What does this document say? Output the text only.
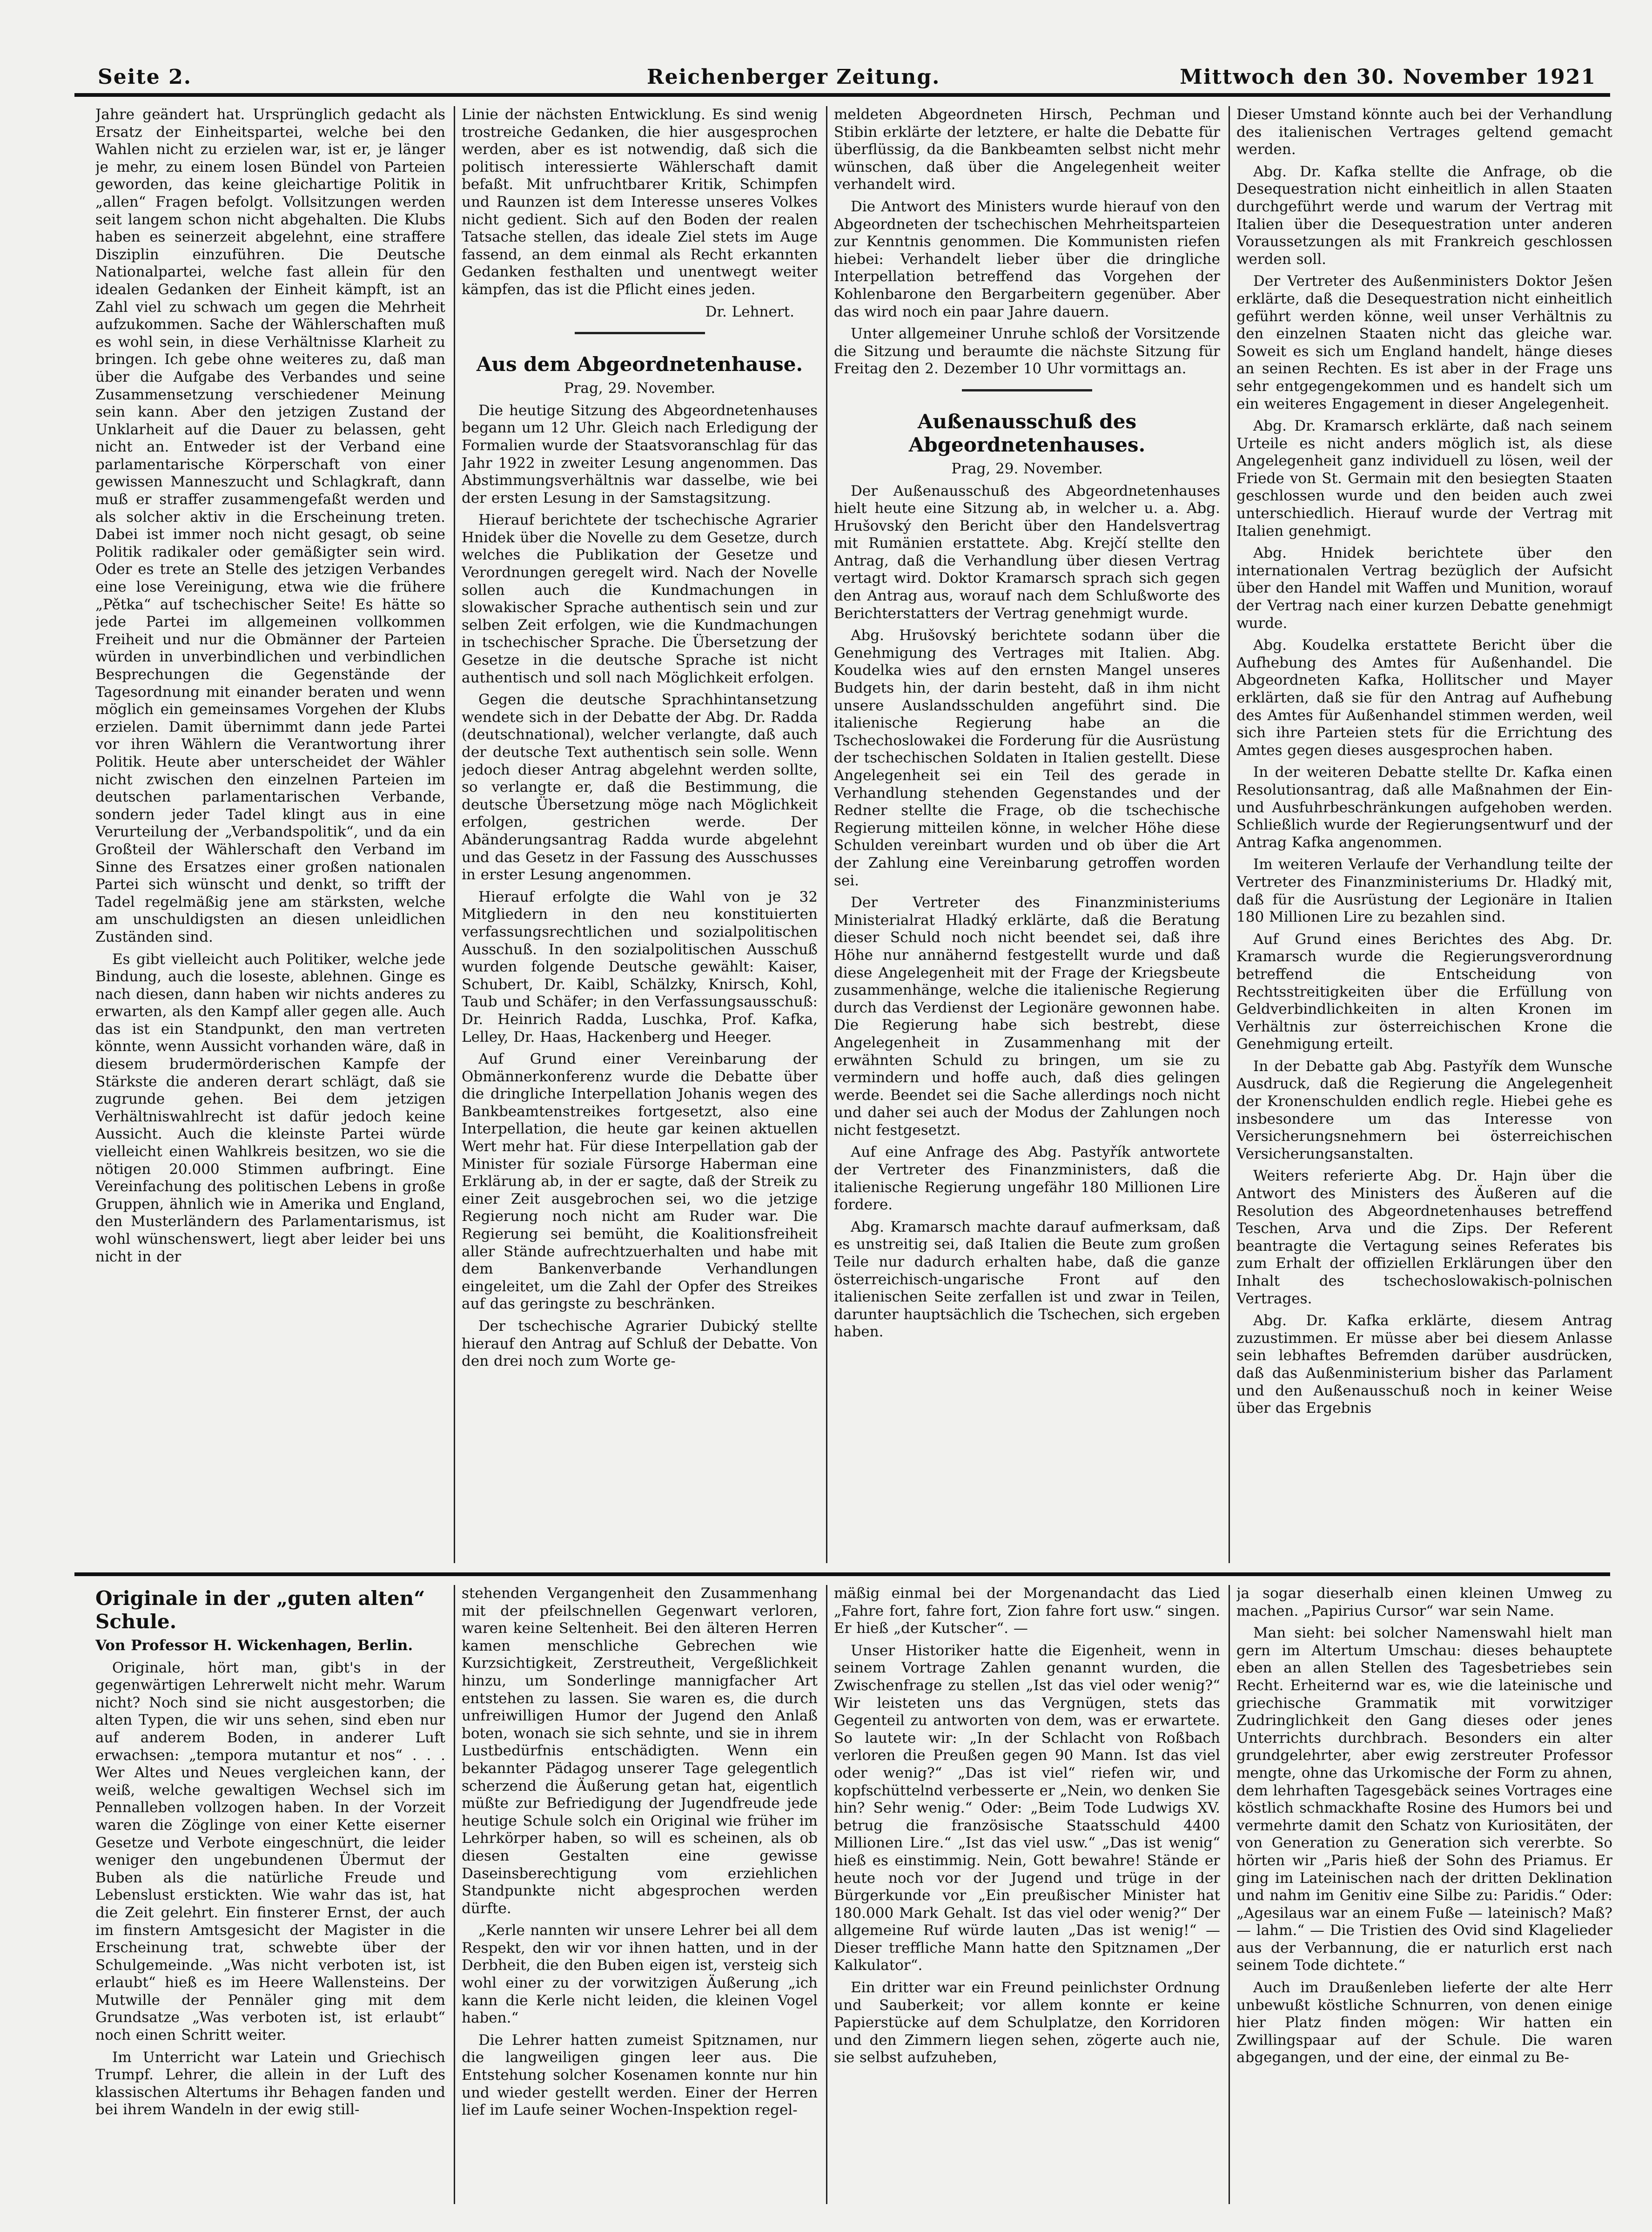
Seite 2.	Reichenberger Zeitung.	Mittwoch den 30. November 1921

Jahre geändert hat. Ursprünglich gedacht als Ersatz der Einheitspartei, welche bei den Wahlen nicht zu erzielen war, ist er, je länger je mehr, zu einem losen Bündel von Parteien geworden, das keine gleichartige Politik in „allen“ Fragen befolgt. Vollsitzungen werden seit langem schon nicht abgehalten. Die Klubs haben es seinerzeit abgelehnt, eine straffere Disziplin einzuführen. Die Deutsche Nationalpartei, welche fast allein für den idealen Gedanken der Einheit kämpft, ist an Zahl viel zu schwach um gegen die Mehrheit aufzukommen. Sache der Wählerschaften muß es wohl sein, in diese Verhältnisse Klarheit zu bringen. Ich gebe ohne weiteres zu, daß man über die Aufgabe des Verbandes und seine Zusammensetzung verschiedener Meinung sein kann. Aber den jetzigen Zustand der Unklarheit auf die Dauer zu belassen, geht nicht an. Entweder ist der Verband eine parlamentarische Körperschaft von einer gewissen Manneszucht und Schlagkraft, dann muß er straffer zusammengefaßt werden und als solcher aktiv in die Erscheinung treten. Dabei ist immer noch nicht gesagt, ob seine Politik radikaler oder gemäßigter sein wird. Oder es trete an Stelle des jetzigen Verbandes eine lose Vereinigung, etwa wie die frühere „Pětka“ auf tschechischer Seite! Es hätte so jede Partei im allgemeinen vollkommen Freiheit und nur die Obmänner der Parteien würden in unverbindlichen und verbindlichen Besprechungen die Gegenstände der Tagesordnung mit einander beraten und wenn möglich ein gemeinsames Vorgehen der Klubs erzielen. Damit übernimmt dann jede Partei vor ihren Wählern die Verantwortung ihrer Politik. Heute aber unterscheidet der Wähler nicht zwischen den einzelnen Parteien im deutschen parlamentarischen Verbande, sondern jeder Tadel klingt aus in eine Verurteilung der „Verbandspolitik“, und da ein Großteil der Wählerschaft den Verband im Sinne des Ersatzes einer großen nationalen Partei sich wünscht und denkt, so trifft der Tadel regelmäßig jene am stärksten, welche am unschuldigsten an diesen unleidlichen Zuständen sind.

Es gibt vielleicht auch Politiker, welche jede Bindung, auch die loseste, ablehnen. Ginge es nach diesen, dann haben wir nichts anderes zu erwarten, als den Kampf aller gegen alle. Auch das ist ein Standpunkt, den man vertreten könnte, wenn Aussicht vorhanden wäre, daß in diesem brudermörderischen Kampfe der Stärkste die anderen derart schlägt, daß sie zugrunde gehen. Bei dem jetzigen Verhältniswahlrecht ist dafür jedoch keine Aussicht. Auch die kleinste Partei würde vielleicht einen Wahlkreis besitzen, wo sie die nötigen 20.000 Stimmen aufbringt. Eine Vereinfachung des politischen Lebens in große Gruppen, ähnlich wie in Amerika und England, den Musterländern des Parlamentarismus, ist wohl wünschenswert, liegt aber leider bei uns nicht in der

Linie der nächsten Entwicklung. Es sind wenig trostreiche Gedanken, die hier ausgesprochen werden, aber es ist notwendig, daß sich die politisch interessierte Wählerschaft damit befaßt. Mit unfruchtbarer Kritik, Schimpfen und Raunzen ist dem Interesse unseres Volkes nicht gedient. Sich auf den Boden der realen Tatsache stellen, das ideale Ziel stets im Auge fassend, an dem einmal als Recht erkannten Gedanken festhalten und unentwegt weiter kämpfen, das ist die Pflicht eines jeden.

Dr. Lehnert.

Aus dem Abgeordnetenhause.

Prag, 29. November.

Die heutige Sitzung des Abgeordnetenhauses begann um 12 Uhr. Gleich nach Erledigung der Formalien wurde der Staatsvoranschlag für das Jahr 1922 in zweiter Lesung angenommen. Das Abstimmungsverhältnis war dasselbe, wie bei der ersten Lesung in der Samstagsitzung.

Hierauf berichtete der tschechische Agrarier Hnidek über die Novelle zu dem Gesetze, durch welches die Publikation der Gesetze und Verordnungen geregelt wird. Nach der Novelle sollen auch die Kundmachungen in slowakischer Sprache authentisch sein und zur selben Zeit erfolgen, wie die Kundmachungen in tschechischer Sprache. Die Übersetzung der Gesetze in die deutsche Sprache ist nicht authentisch und soll nach Möglichkeit erfolgen.

Gegen die deutsche Sprachhintansetzung wendete sich in der Debatte der Abg. Dr. Radda (deutschnational), welcher verlangte, daß auch der deutsche Text authentisch sein solle. Wenn jedoch dieser Antrag abgelehnt werden sollte, so verlangte er, daß die Bestimmung, die deutsche Übersetzung möge nach Möglichkeit erfolgen, gestrichen werde. Der Abänderungsantrag Radda wurde abgelehnt und das Gesetz in der Fassung des Ausschusses in erster Lesung angenommen.

Hierauf erfolgte die Wahl von je 32 Mitgliedern in den neu konstituierten verfassungsrechtlichen und sozialpolitischen Ausschuß. In den sozialpolitischen Ausschuß wurden folgende Deutsche gewählt: Kaiser, Schubert, Dr. Kaibl, Schälzky, Knirsch, Kohl, Taub und Schäfer; in den Verfassungsausschuß: Dr. Heinrich Radda, Luschka, Prof. Kafka, Lelley, Dr. Haas, Hackenberg und Heeger.

Auf Grund einer Vereinbarung der Obmännerkonferenz wurde die Debatte über die dringliche Interpellation Johanis wegen des Bankbeamtenstreikes fortgesetzt, also eine Interpellation, die heute gar keinen aktuellen Wert mehr hat. Für diese Interpellation gab der Minister für soziale Fürsorge Haberman eine Erklärung ab, in der er sagte, daß der Streik zu einer Zeit ausgebrochen sei, wo die jetzige Regierung noch nicht am Ruder war. Die Regierung sei bemüht, die Koalitionsfreiheit aller Stände aufrechtzuerhalten und habe mit dem Bankenverbande Verhandlungen eingeleitet, um die Zahl der Opfer des Streikes auf das geringste zu beschränken.

Der tschechische Agrarier Dubický stellte hierauf den Antrag auf Schluß der Debatte. Von den drei noch zum Worte ge-

meldeten Abgeordneten Hirsch, Pechman und Stibin erklärte der letztere, er halte die Debatte für überflüssig, da die Bankbeamten selbst nicht mehr wünschen, daß über die Angelegenheit weiter verhandelt wird.

Die Antwort des Ministers wurde hierauf von den Abgeordneten der tschechischen Mehrheitsparteien zur Kenntnis genommen. Die Kommunisten riefen hiebei: Verhandelt lieber über die dringliche Interpellation betreffend das Vorgehen der Kohlenbarone den Bergarbeitern gegenüber. Aber das wird noch ein paar Jahre dauern.

Unter allgemeiner Unruhe schloß der Vorsitzende die Sitzung und beraumte die nächste Sitzung für Freitag den 2. Dezember 10 Uhr vormittags an.

Außenausschuß des Abgeordnetenhauses.

Prag, 29. November.

Der Außenausschuß des Abgeordnetenhauses hielt heute eine Sitzung ab, in welcher u. a. Abg. Hrušovský den Bericht über den Handelsvertrag mit Rumänien erstattete. Abg. Krejčí stellte den Antrag, daß die Verhandlung über diesen Vertrag vertagt wird. Doktor Kramarsch sprach sich gegen den Antrag aus, worauf nach dem Schlußworte des Berichterstatters der Vertrag genehmigt wurde.

Abg. Hrušovský berichtete sodann über die Genehmigung des Vertrages mit Italien. Abg. Koudelka wies auf den ernsten Mangel unseres Budgets hin, der darin besteht, daß in ihm nicht unsere Auslandsschulden angeführt sind. Die italienische Regierung habe an die Tschechoslowakei die Forderung für die Ausrüstung der tschechischen Soldaten in Italien gestellt. Diese Angelegenheit sei ein Teil des gerade in Verhandlung stehenden Gegenstandes und der Redner stellte die Frage, ob die tschechische Regierung mitteilen könne, in welcher Höhe diese Schulden vereinbart wurden und ob über die Art der Zahlung eine Vereinbarung getroffen worden sei.

Der Vertreter des Finanzministeriums Ministerialrat Hladký erklärte, daß die Beratung dieser Schuld noch nicht beendet sei, daß ihre Höhe nur annähernd festgestellt wurde und daß diese Angelegenheit mit der Frage der Kriegsbeute zusammenhänge, welche die italienische Regierung durch das Verdienst der Legionäre gewonnen habe. Die Regierung habe sich bestrebt, diese Angelegenheit in Zusammenhang mit der erwähnten Schuld zu bringen, um sie zu vermindern und hoffe auch, daß dies gelingen werde. Beendet sei die Sache allerdings noch nicht und daher sei auch der Modus der Zahlungen noch nicht festgesetzt.

Auf eine Anfrage des Abg. Pastyřík antwortete der Vertreter des Finanzministers, daß die italienische Regierung ungefähr 180 Millionen Lire fordere.

Abg. Kramarsch machte darauf aufmerksam, daß es unstreitig sei, daß Italien die Beute zum großen Teile nur dadurch erhalten habe, daß die ganze österreichisch-ungarische Front auf den italienischen Seite zerfallen ist und zwar in Teilen, darunter hauptsächlich die Tschechen, sich ergeben haben.

Dieser Umstand könnte auch bei der Verhandlung des italienischen Vertrages geltend gemacht werden.

Abg. Dr. Kafka stellte die Anfrage, ob die Desequestration nicht einheitlich in allen Staaten durchgeführt werde und warum der Vertrag mit Italien über die Desequestration unter anderen Voraussetzungen als mit Frankreich geschlossen werden soll.

Der Vertreter des Außenministers Doktor Ješen erklärte, daß die Desequestration nicht einheitlich geführt werden könne, weil unser Verhältnis zu den einzelnen Staaten nicht das gleiche war. Soweit es sich um England handelt, hänge dieses an seinen Rechten. Es ist aber in der Frage uns sehr entgegengekommen und es handelt sich um ein weiteres Engagement in dieser Angelegenheit.

Abg. Dr. Kramarsch erklärte, daß nach seinem Urteile es nicht anders möglich ist, als diese Angelegenheit ganz individuell zu lösen, weil der Friede von St. Germain mit den besiegten Staaten geschlossen wurde und den beiden auch zwei unterschiedlich. Hierauf wurde der Vertrag mit Italien genehmigt.

Abg. Hnidek berichtete über den internationalen Vertrag bezüglich der Aufsicht über den Handel mit Waffen und Munition, worauf der Vertrag nach einer kurzen Debatte genehmigt wurde.

Abg. Koudelka erstattete Bericht über die Aufhebung des Amtes für Außenhandel. Die Abgeordneten Kafka, Hollitscher und Mayer erklärten, daß sie für den Antrag auf Aufhebung des Amtes für Außenhandel stimmen werden, weil sich ihre Parteien stets für die Errichtung des Amtes gegen dieses ausgesprochen haben.

In der weiteren Debatte stellte Dr. Kafka einen Resolutionsantrag, daß alle Maßnahmen der Ein- und Ausfuhrbeschränkungen aufgehoben werden. Schließlich wurde der Regierungsentwurf und der Antrag Kafka angenommen.

Im weiteren Verlaufe der Verhandlung teilte der Vertreter des Finanzministeriums Dr. Hladký mit, daß für die Ausrüstung der Legionäre in Italien 180 Millionen Lire zu bezahlen sind.

Auf Grund eines Berichtes des Abg. Dr. Kramarsch wurde die Regierungsverordnung betreffend die Entscheidung von Rechtsstreitigkeiten über die Erfüllung von Geldverbindlichkeiten in alten Kronen im Verhältnis zur österreichischen Krone die Genehmigung erteilt.

In der Debatte gab Abg. Pastyřík dem Wunsche Ausdruck, daß die Regierung die Angelegenheit der Kronenschulden endlich regle. Hiebei gehe es insbesondere um das Interesse von Versicherungsnehmern bei österreichischen Versicherungsanstalten.

Weiters referierte Abg. Dr. Hajn über die Antwort des Ministers des Äußeren auf die Resolution des Abgeordnetenhauses betreffend Teschen, Arva und die Zips. Der Referent beantragte die Vertagung seines Referates bis zum Erhalt der offiziellen Erklärungen über den Inhalt des tschechoslowakisch-polnischen Vertrages.

Abg. Dr. Kafka erklärte, diesem Antrag zuzustimmen. Er müsse aber bei diesem Anlasse sein lebhaftes Befremden darüber ausdrücken, daß das Außenministerium bisher das Parlament und den Außenausschuß noch in keiner Weise über das Ergebnis

Originale in der „guten alten“ Schule.

Von Professor H. Wickenhagen, Berlin.

Originale, hört man, gibt's in der gegenwärtigen Lehrerwelt nicht mehr. Warum nicht? Noch sind sie nicht ausgestorben; die alten Typen, die wir uns sehen, sind eben nur auf anderem Boden, in anderer Luft erwachsen: „tempora mutantur et nos“ . . . Wer Altes und Neues vergleichen kann, der weiß, welche gewaltigen Wechsel sich im Pennalleben vollzogen haben. In der Vorzeit waren die Zöglinge von einer Kette eiserner Gesetze und Verbote eingeschnürt, die leider weniger den ungebundenen Übermut der Buben als die natürliche Freude und Lebenslust erstickten. Wie wahr das ist, hat die Zeit gelehrt. Ein finsterer Ernst, der auch im finstern Amtsgesicht der Magister in die Erscheinung trat, schwebte über der Schulgemeinde. „Was nicht verboten ist, ist erlaubt“ hieß es im Heere Wallensteins. Der Mutwille der Pennäler ging mit dem Grundsatze „Was verboten ist, ist erlaubt“ noch einen Schritt weiter.

Im Unterricht war Latein und Griechisch Trumpf. Lehrer, die allein in der Luft des klassischen Altertums ihr Behagen fanden und bei ihrem Wandeln in der ewig still-

stehenden Vergangenheit den Zusammenhang mit der pfeilschnellen Gegenwart verloren, waren keine Seltenheit. Bei den älteren Herren kamen menschliche Gebrechen wie Kurzsichtigkeit, Zerstreutheit, Vergeßlichkeit hinzu, um Sonderlinge mannigfacher Art entstehen zu lassen. Sie waren es, die durch unfreiwilligen Humor der Jugend den Anlaß boten, wonach sie sich sehnte, und sie in ihrem Lustbedürfnis entschädigten. Wenn ein bekannter Pädagog unserer Tage gelegentlich scherzend die Äußerung getan hat, eigentlich müßte zur Befriedigung der Jugendfreude jede heutige Schule solch ein Original wie früher im Lehrkörper haben, so will es scheinen, als ob diesen Gestalten eine gewisse Daseinsberechtigung vom erziehlichen Standpunkte nicht abgesprochen werden dürfte.

„Kerle nannten wir unsere Lehrer bei all dem Respekt, den wir vor ihnen hatten, und in der Derbheit, die den Buben eigen ist, versteig sich wohl einer zu der vorwitzigen Äußerung „ich kann die Kerle nicht leiden, die kleinen Vogel haben.“

Die Lehrer hatten zumeist Spitznamen, nur die langweiligen gingen leer aus. Die Entstehung solcher Kosenamen konnte nur hin und wieder gestellt werden. Einer der Herren lief im Laufe seiner Wochen-Inspektion regel-

mäßig einmal bei der Morgenandacht das Lied „Fahre fort, fahre fort, Zion fahre fort usw.“ singen. Er hieß „der Kutscher“. —

Unser Historiker hatte die Eigenheit, wenn in seinem Vortrage Zahlen genannt wurden, die Zwischenfrage zu stellen „Ist das viel oder wenig?“ Wir leisteten uns das Vergnügen, stets das Gegenteil zu antworten von dem, was er erwartete. So lautete wir: „In der Schlacht von Roßbach verloren die Preußen gegen 90 Mann. Ist das viel oder wenig?“ „Das ist viel“ riefen wir, und kopfschüttelnd verbesserte er „Nein, wo denken Sie hin? Sehr wenig.“ Oder: „Beim Tode Ludwigs XV. betrug die französische Staatsschuld 4400 Millionen Lire.“ „Ist das viel usw.“ „Das ist wenig“ hieß es einstimmig. Nein, Gott bewahre! Stände er heute noch vor der Jugend und trüge in der Bürgerkunde vor „Ein preußischer Minister hat 180.000 Mark Gehalt. Ist das viel oder wenig?“ Der allgemeine Ruf würde lauten „Das ist wenig!“ — Dieser treffliche Mann hatte den Spitznamen „Der Kalkulator“.

Ein dritter war ein Freund peinlichster Ordnung und Sauberkeit; vor allem konnte er keine Papierstücke auf dem Schulplatze, den Korridoren und den Zimmern liegen sehen, zögerte auch nie, sie selbst aufzuheben,

ja sogar dieserhalb einen kleinen Umweg zu machen. „Papirius Cursor“ war sein Name.

Man sieht: bei solcher Namenswahl hielt man gern im Altertum Umschau: dieses behauptete eben an allen Stellen des Tagesbetriebes sein Recht. Erheiternd war es, wie die lateinische und griechische Grammatik mit vorwitziger Zudringlichkeit den Gang dieses oder jenes Unterrichts durchbrach. Besonders ein alter grundgelehrter, aber ewig zerstreuter Professor mengte, ohne das Urkomische der Form zu ahnen, dem lehrhaften Tagesgebäck seines Vortrages eine köstlich schmackhafte Rosine des Humors bei und vermehrte damit den Schatz von Kuriositäten, der von Generation zu Generation sich vererbte. So hörten wir „Paris hieß der Sohn des Priamus. Er ging im Lateinischen nach der dritten Deklination und nahm im Genitiv eine Silbe zu: Paridis.“ Oder: „Agesilaus war an einem Fuße — lateinisch? Maß? — lahm.“ — Die Tristien des Ovid sind Klagelieder aus der Verbannung, die er naturlich erst nach seinem Tode dichtete.“

Auch im Draußenleben lieferte der alte Herr unbewußt köstliche Schnurren, von denen einige hier Platz finden mögen: Wir hatten ein Zwillingspaar auf der Schule. Die waren abgegangen, und der eine, der einmal zu Be-
